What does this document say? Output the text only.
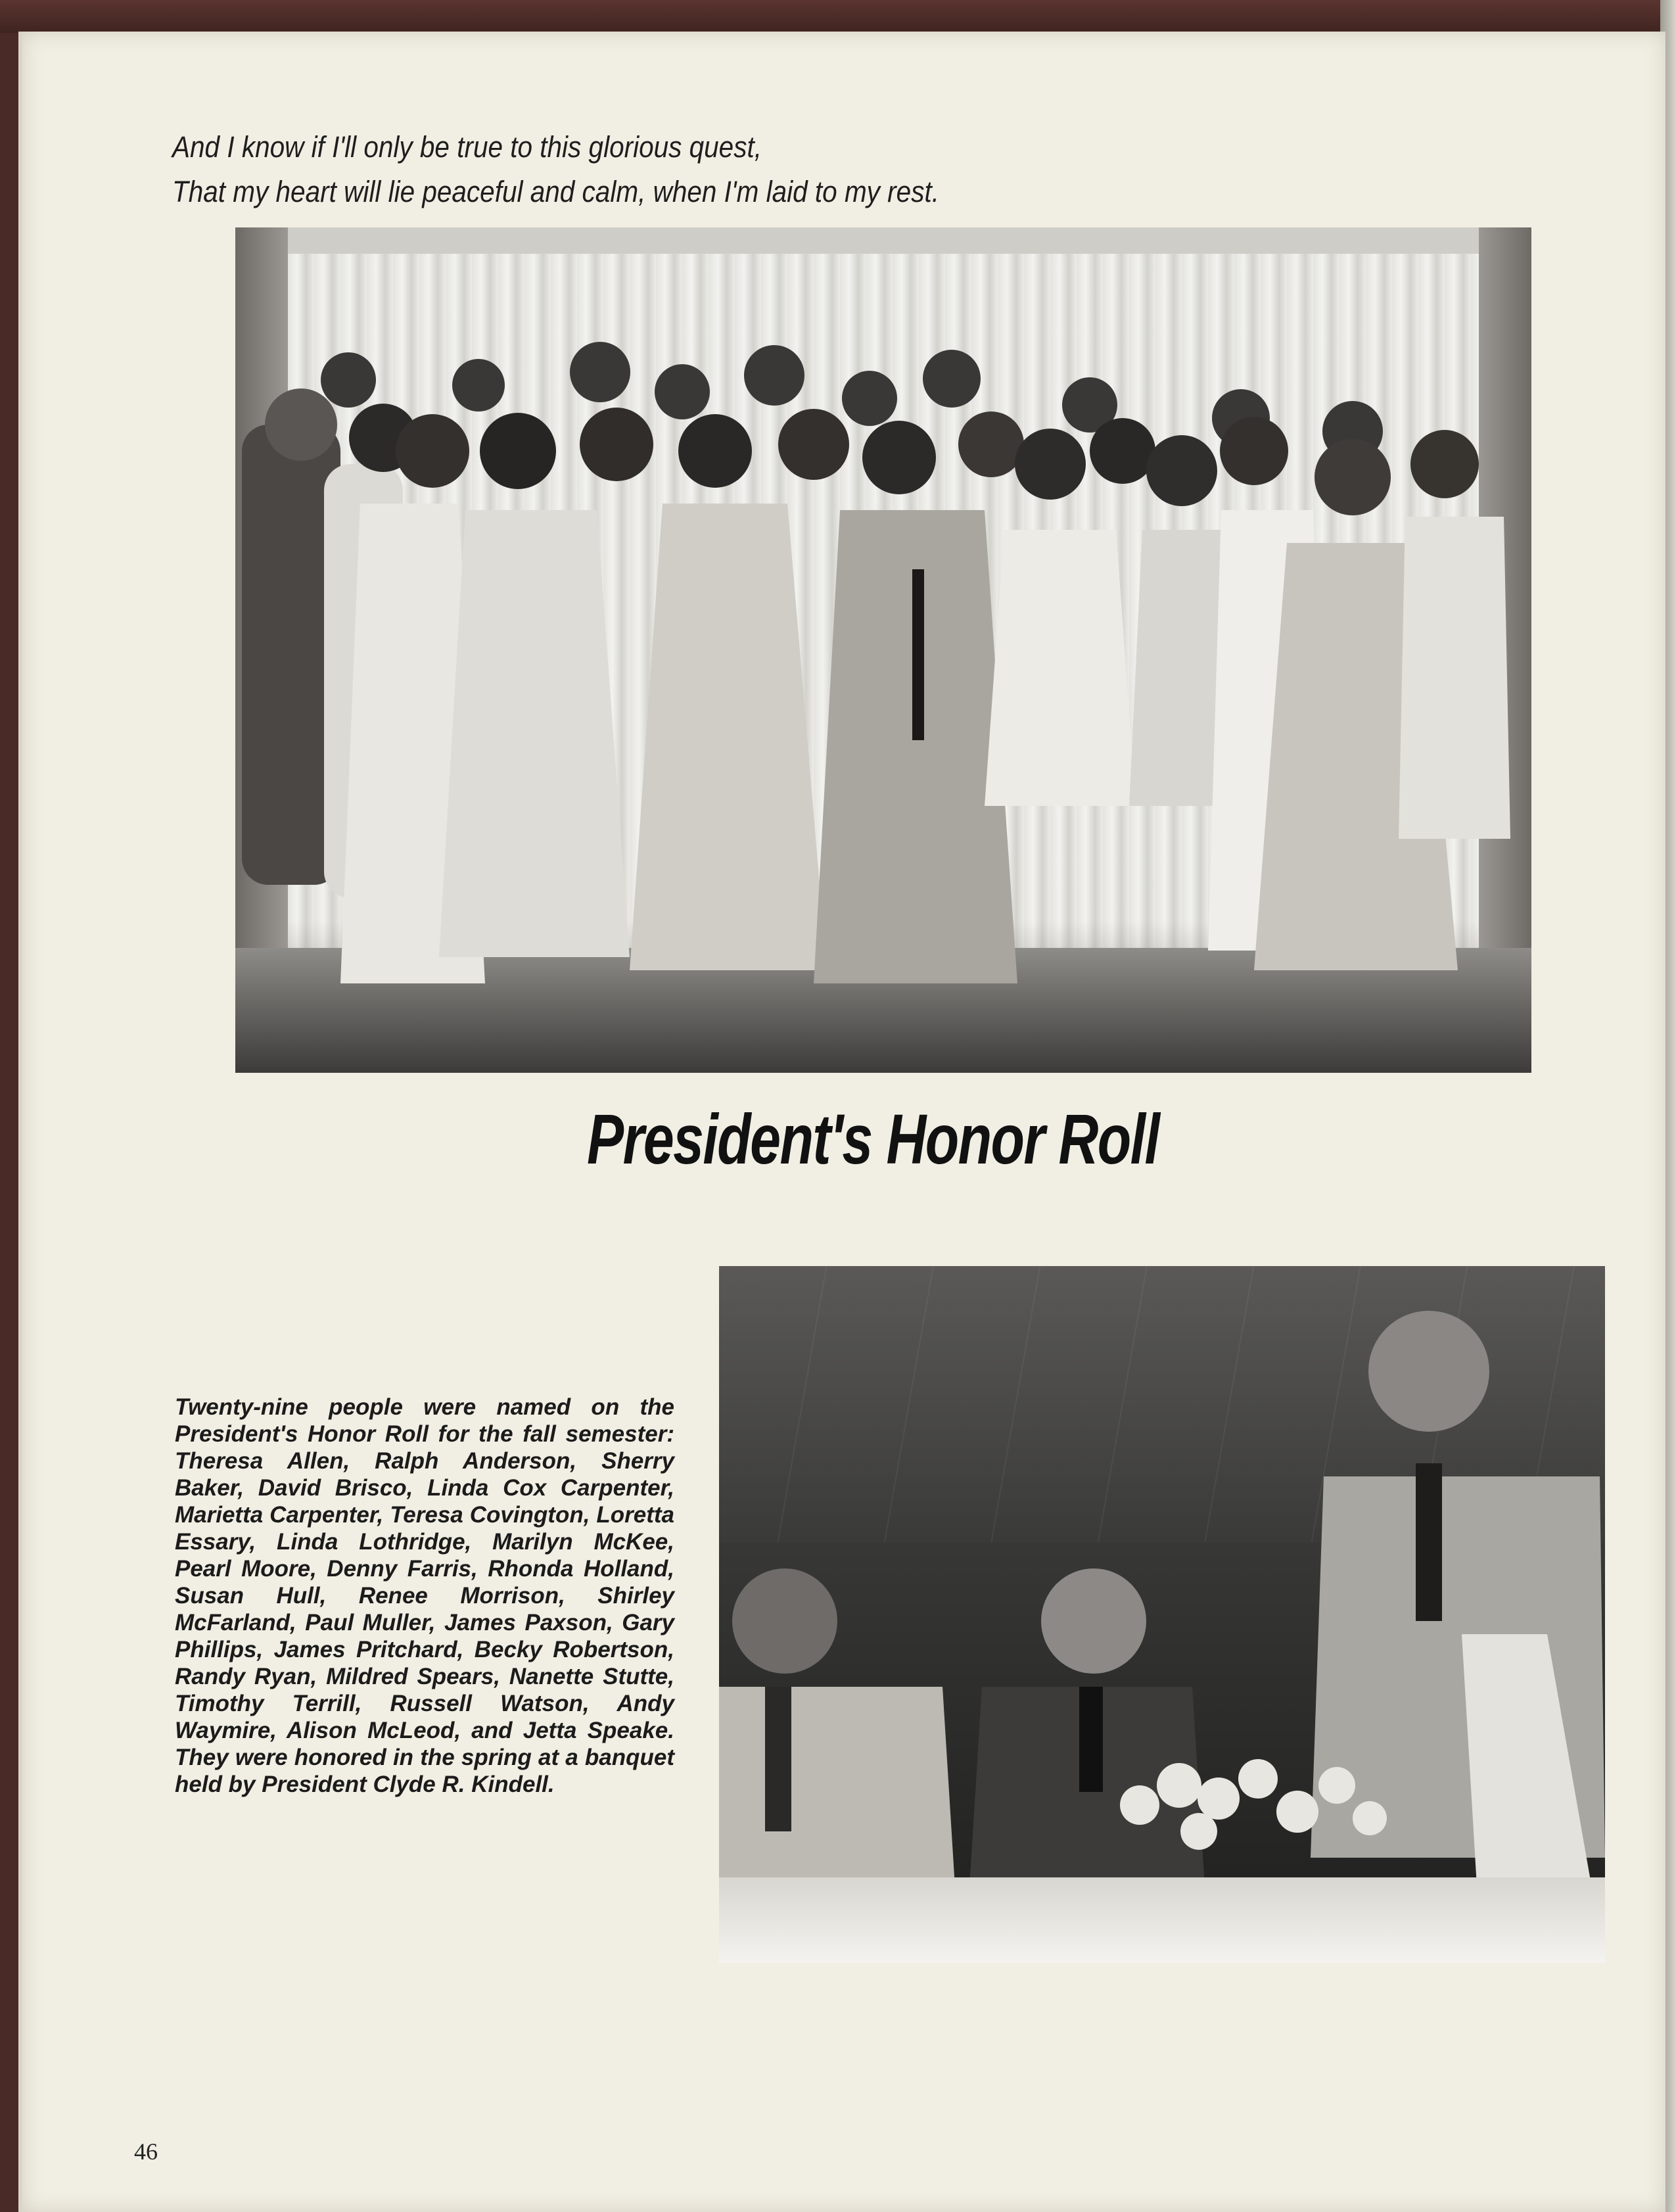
And I know if I'll only be true to this glorious quest,
That my heart will lie peaceful and calm, when I'm laid to my rest.
President's Honor Roll
Twenty-nine people were named on the President's Honor Roll for the fall semester: Theresa Allen, Ralph Anderson, Sherry Baker, David Brisco, Linda Cox Carpenter, Marietta Carpenter, Teresa Covington, Loretta Essary, Linda Lothridge, Marilyn McKee, Pearl Moore, Denny Farris, Rhonda Holland, Susan Hull, Renee Morrison, Shirley McFarland, Paul Muller, James Paxson, Gary Phillips, James Pritchard, Becky Robertson, Randy Ryan, Mildred Spears, Nanette Stutte, Timothy Terrill, Russell Watson, Andy Waymire, Alison McLeod, and Jetta Speake. They were honored in the spring at a banquet held by President Clyde R. Kindell.
46
